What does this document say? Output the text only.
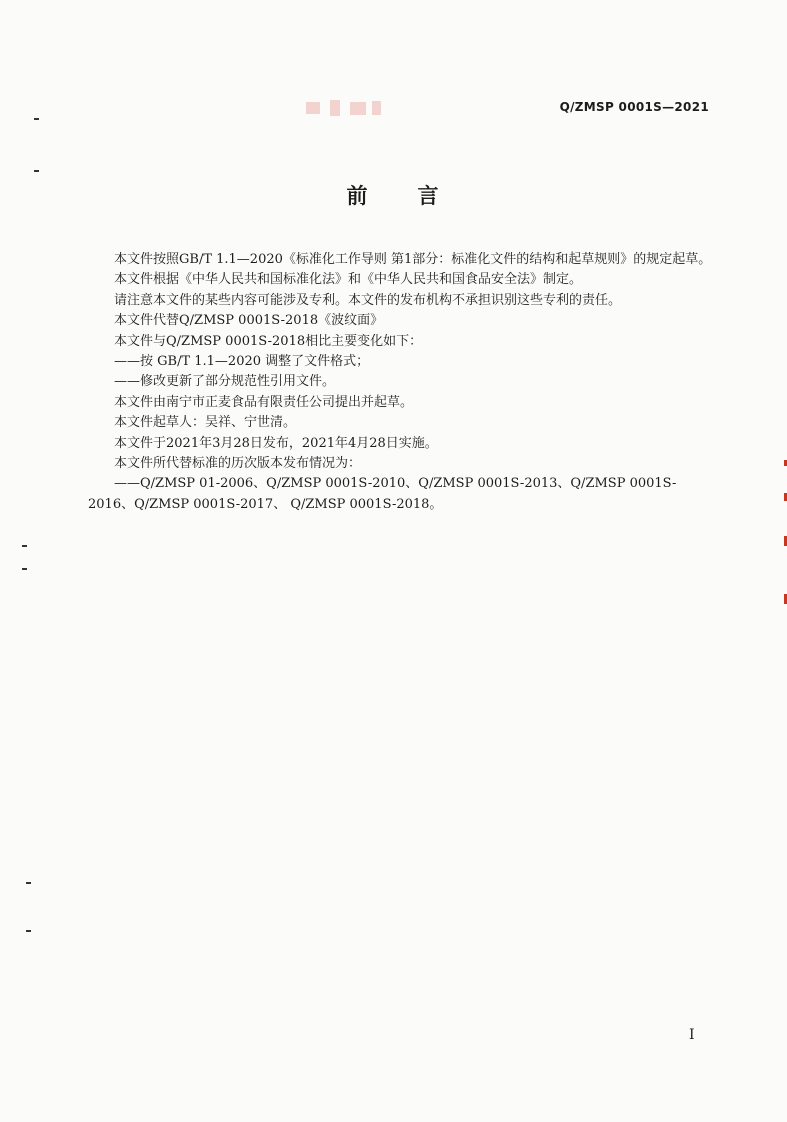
Q/ZMSP 0001S—2021
前 言

本文件按照GB/T 1.1—2020《标准化工作导则 第1部分：标准化文件的结构和起草规则》的规定起草。

本文件根据《中华人民共和国标准化法》和《中华人民共和国食品安全法》制定。

请注意本文件的某些内容可能涉及专利。本文件的发布机构不承担识别这些专利的责任。

本文件代替Q/ZMSP 0001S-2018《波纹面》

本文件与Q/ZMSP 0001S-2018相比主要变化如下：

——按 GB/T 1.1—2020 调整了文件格式；

——修改更新了部分规范性引用文件。

本文件由南宁市正麦食品有限责任公司提出并起草。

本文件起草人：吴祥、宁世清。

本文件于2021年3月28日发布，2021年4月28日实施。

本文件所代替标准的历次版本发布情况为：

——Q/ZMSP 01-2006、Q/ZMSP 0001S-2010、Q/ZMSP 0001S-2013、Q/ZMSP 0001S-2016、Q/ZMSP 0001S-2017、 Q/ZMSP 0001S-2018。

I
